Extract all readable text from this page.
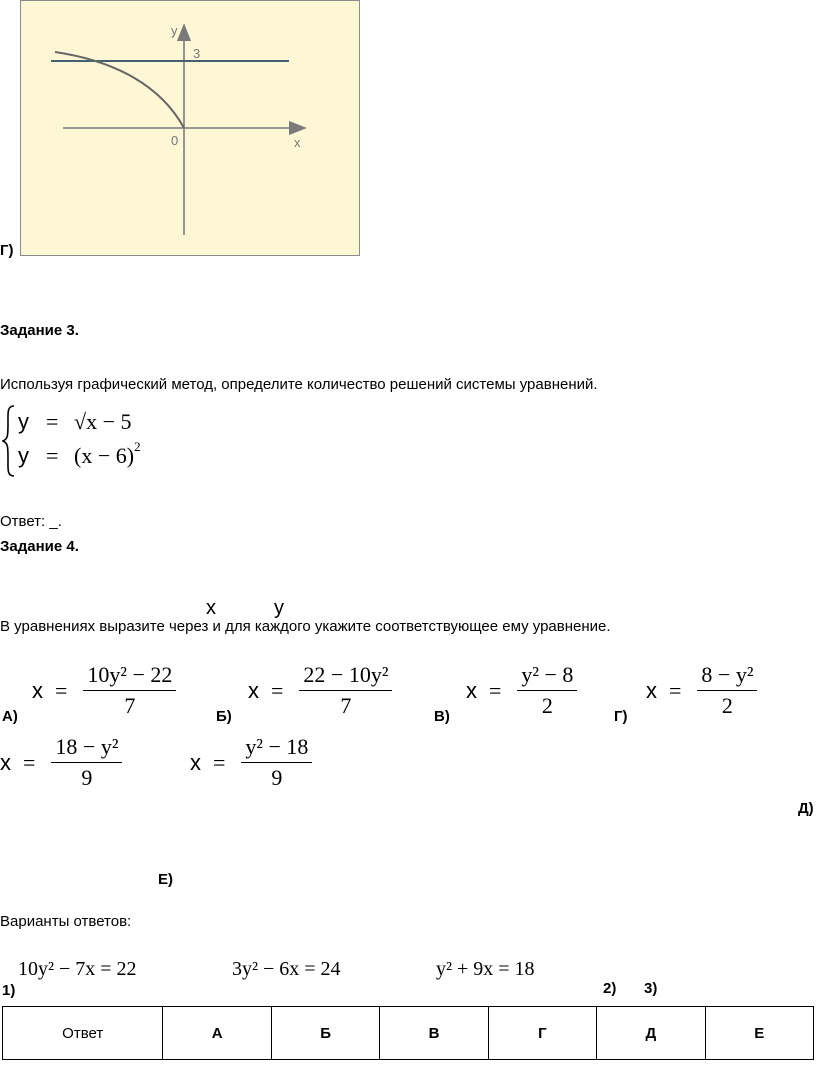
y
3
0	x
Г)
Задание 3.
Используя графический метод, определите количество решений системы уравнений.
y = √x − 5
$y = (x - 6)^2$
Ответ: _.
Задание 4.
x	y
В уравнениях выразите через и для каждого укажите соответствующее ему уравнение.
$x = \frac{\text{10y² − 22}}{7}$
А)
$x = \frac{\text{22 − 10y²}}{7}$
Б)
$x = \frac{\text{y² − 8}}{2}$
В)
$x = \frac{\text{8 − y²}}{2}$
Г)
$x = \frac{\text{18 − y²}}{9}$	$x = \frac{\text{y² − 18}}{9}$
Д)
Е)
Варианты ответов:
10y² − 7x = 22	3y² − 6x = 24	y² + 9x = 18
1)	2) 3)
Ответ	А	Б	В	Г	Д	Е
